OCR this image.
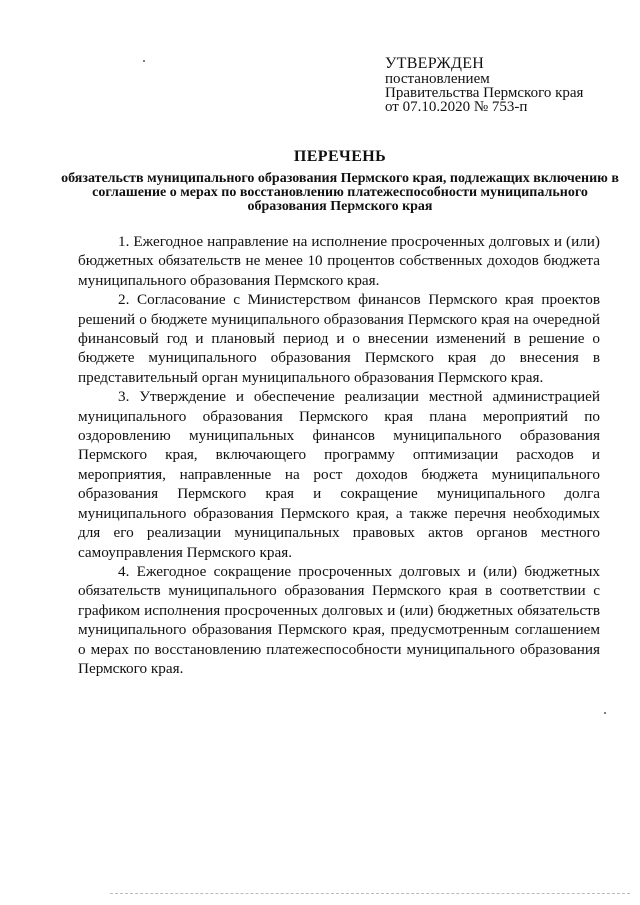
УТВЕРЖДЕН
постановлением
Правительства Пермского края
от 07.10.2020 № 753-п
ПЕРЕЧЕНЬ
обязательств муниципального образования Пермского края, подлежащих включению в соглашение о мерах по восстановлению платежеспособности муниципального образования Пермского края

1. Ежегодное направление на исполнение просроченных долговых и (или) бюджетных обязательств не менее 10 процентов собственных доходов бюджета муниципального образования Пермского края.

2. Согласование с Министерством финансов Пермского края проектов решений о бюджете муниципального образования Пермского края на очередной финансовый год и плановый период и о внесении изменений в решение о бюджете муниципального образования Пермского края до внесения в представительный орган муниципального образования Пермского края.

3. Утверждение и обеспечение реализации местной администрацией муниципального образования Пермского края плана мероприятий по оздоровлению муниципальных финансов муниципального образования Пермского края, включающего программу оптимизации расходов и мероприятия, направленные на рост доходов бюджета муниципального образования Пермского края и сокращение муниципального долга муниципального образования Пермского края, а также перечня необходимых для его реализации муниципальных правовых актов органов местного самоуправления Пермского края.

4. Ежегодное сокращение просроченных долговых и (или) бюджетных обязательств муниципального образования Пермского края в соответствии с графиком исполнения просроченных долговых и (или) бюджетных обязательств муниципального образования Пермского края, предусмотренным соглашением о мерах по восстановлению платежеспособности муниципального образования Пермского края.
